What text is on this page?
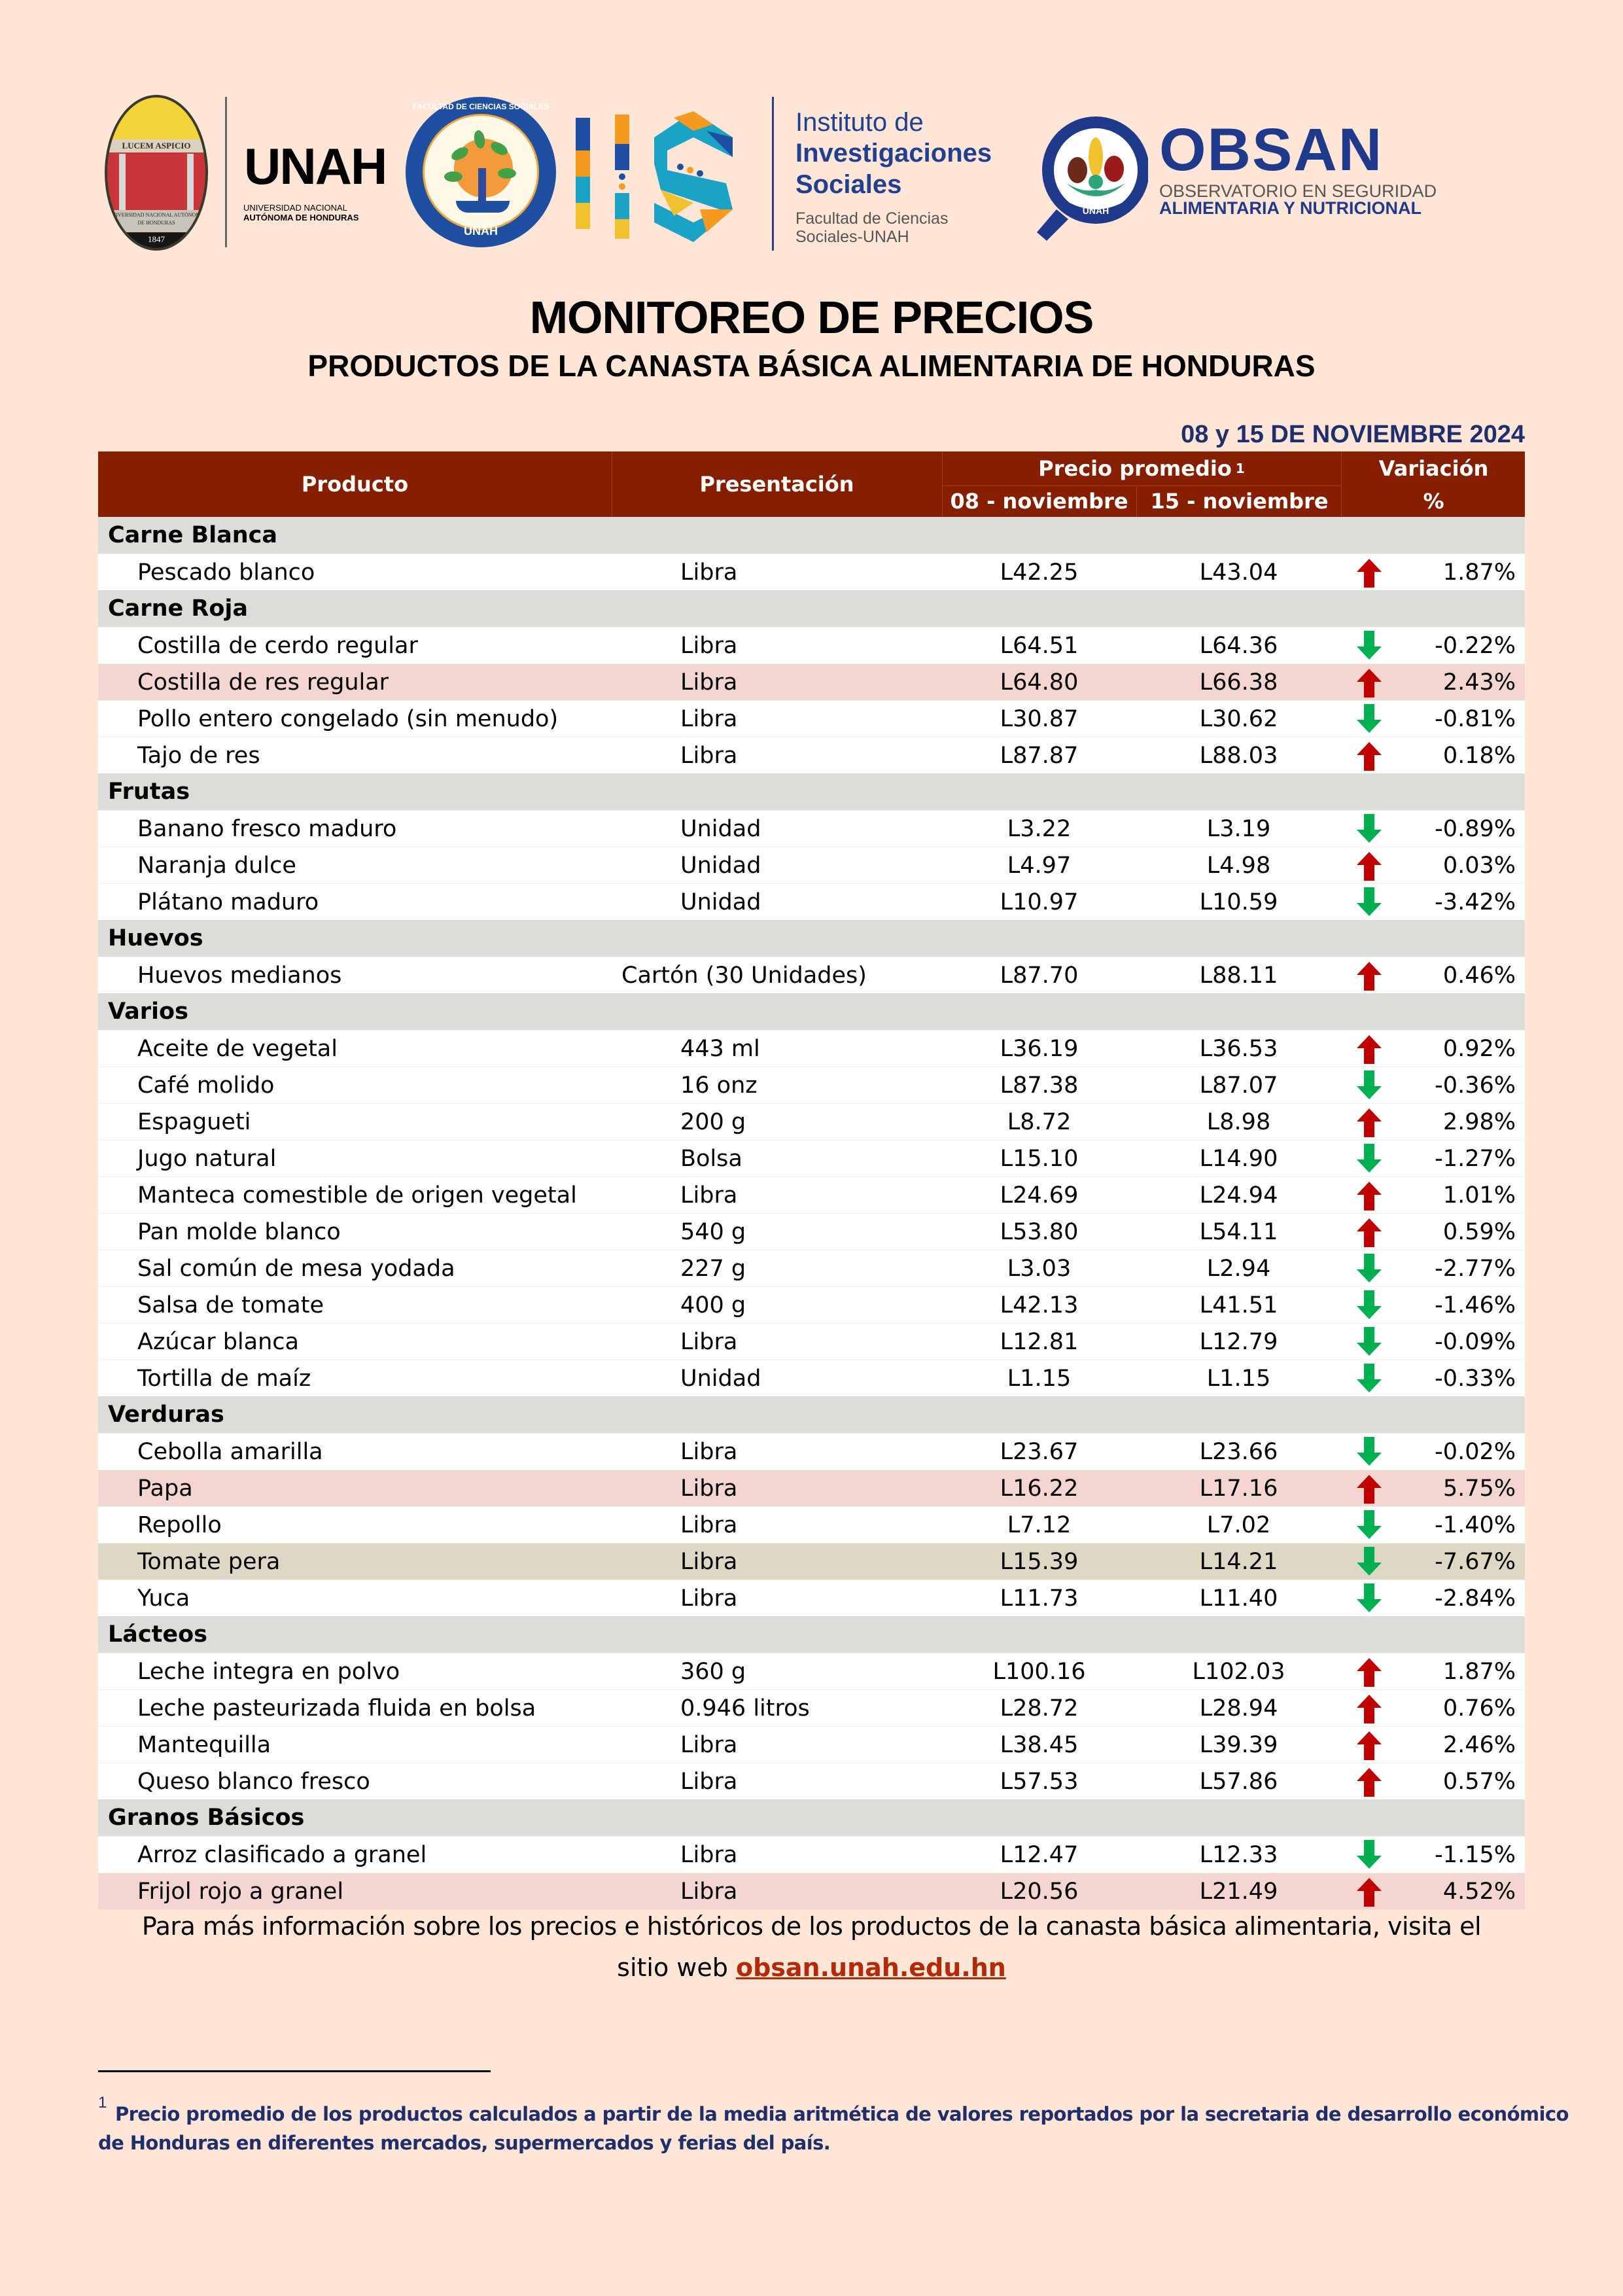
LUCEM ASPICIO
UNIVERSIDAD NACIONAL AUTÓNOMA DE HONDURAS
1847
UNAH
UNIVERSIDAD NACIONAL
AUTÓNOMA DE HONDURAS
FACULTAD DE CIENCIAS SOCIALES
UNAH
Instituto de
Investigaciones
Sociales
Facultad de Ciencias
Sociales-UNAH
UNAH
OBSAN
OBSERVATORIO EN SEGURIDAD
ALIMENTARIA Y NUTRICIONAL
MONITOREO DE PRECIOS
PRODUCTOS DE LA CANASTA BÁSICA ALIMENTARIA DE HONDURAS
08 y 15 DE NOVIEMBRE 2024
Producto	Presentación
Precio promedio 1
08 - noviembre	15 - noviembre
Variación
%
Carne Blanca
Pescado blanco	Libra	L42.25	L43.04	1.87%
Carne Roja
Costilla de cerdo regular	Libra	L64.51	L64.36	-0.22%
Costilla de res regular	Libra	L64.80	L66.38	2.43%
Pollo entero congelado (sin menudo)	Libra	L30.87	L30.62	-0.81%
Tajo de res	Libra	L87.87	L88.03	0.18%
Frutas
Banano fresco maduro	Unidad	L3.22	L3.19	-0.89%
Naranja dulce	Unidad	L4.97	L4.98	0.03%
Plátano maduro	Unidad	L10.97	L10.59	-3.42%
Huevos
Huevos medianos	Cartón (30 Unidades)	L87.70	L88.11	0.46%
Varios
Aceite de vegetal	443 ml	L36.19	L36.53	0.92%
Café molido	16 onz	L87.38	L87.07	-0.36%
Espagueti	200 g	L8.72	L8.98	2.98%
Jugo natural	Bolsa	L15.10	L14.90	-1.27%
Manteca comestible de origen vegetal	Libra	L24.69	L24.94	1.01%
Pan molde blanco	540 g	L53.80	L54.11	0.59%
Sal común de mesa yodada	227 g	L3.03	L2.94	-2.77%
Salsa de tomate	400 g	L42.13	L41.51	-1.46%
Azúcar blanca	Libra	L12.81	L12.79	-0.09%
Tortilla de maíz	Unidad	L1.15	L1.15	-0.33%
Verduras
Cebolla amarilla	Libra	L23.67	L23.66	-0.02%
Papa	Libra	L16.22	L17.16	5.75%
Repollo	Libra	L7.12	L7.02	-1.40%
Tomate pera	Libra	L15.39	L14.21	-7.67%
Yuca	Libra	L11.73	L11.40	-2.84%
Lácteos
Leche integra en polvo	360 g	L100.16	L102.03	1.87%
Leche pasteurizada fluida en bolsa	0.946 litros	L28.72	L28.94	0.76%
Mantequilla	Libra	L38.45	L39.39	2.46%
Queso blanco fresco	Libra	L57.53	L57.86	0.57%
Granos Básicos
Arroz clasificado a granel	Libra	L12.47	L12.33	-1.15%
Frijol rojo a granel	Libra	L20.56	L21.49	4.52%
Para más información sobre los precios e históricos de los productos de la canasta básica alimentaria, visita el
sitio web obsan.unah.edu.hn
1
Precio promedio de los productos calculados a partir de la media aritmética de valores reportados por la secretaria de desarrollo económico
de Honduras en diferentes mercados, supermercados y ferias del país.
